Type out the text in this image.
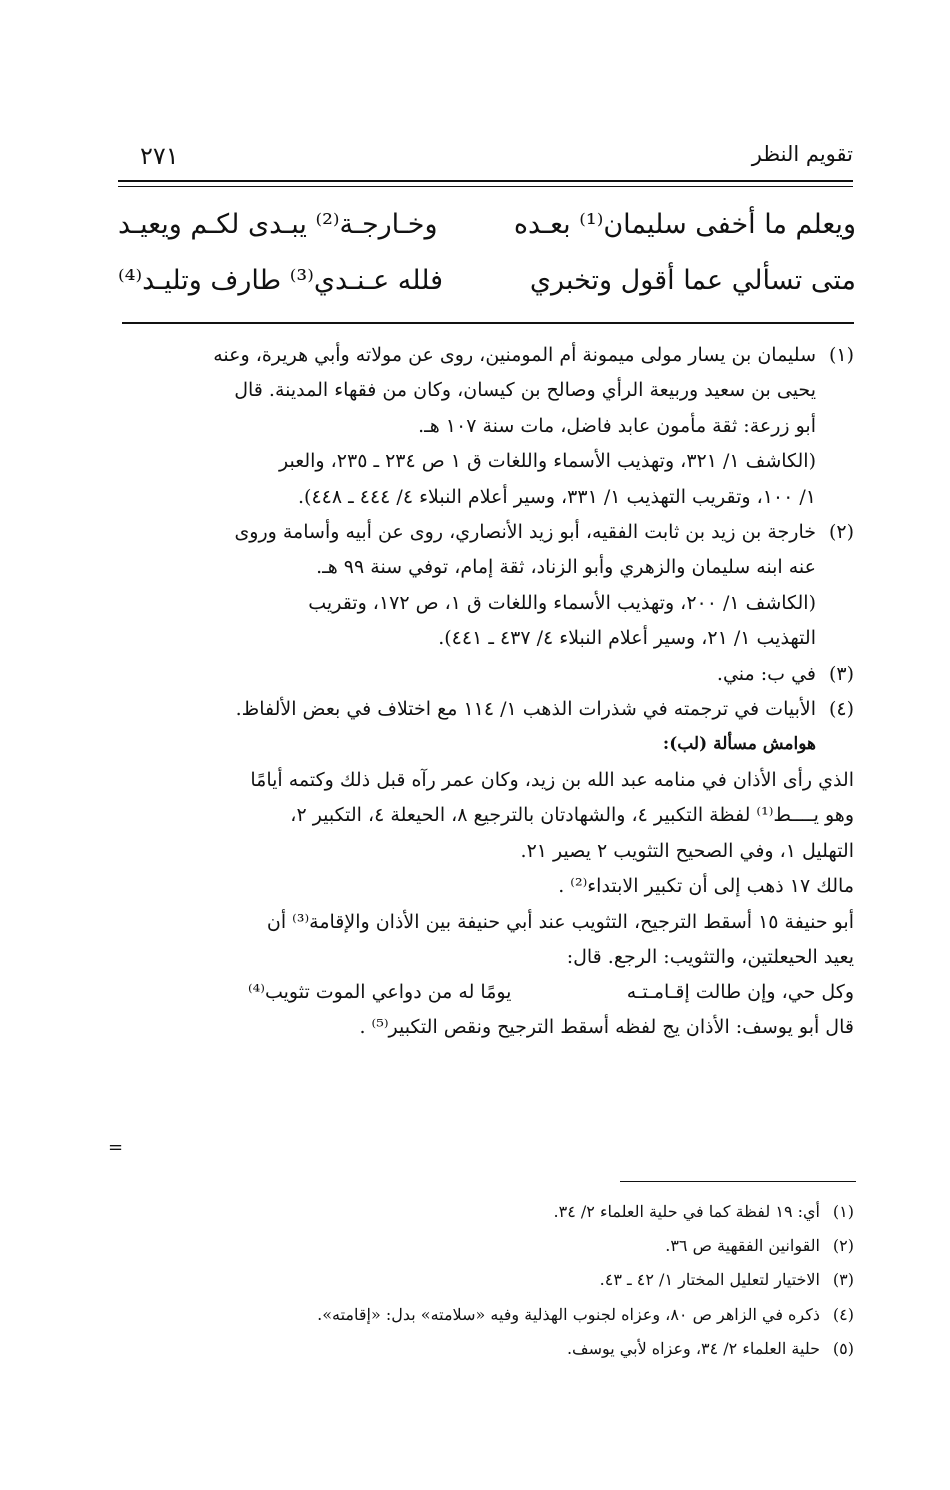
تقويم النظر
٢٧١
ويعلم ما أخفى سليمان⁽¹⁾ بعـده
وخـارجـة⁽²⁾ يبـدى لكـم ويعيـد
متى تسألي عما أقول وتخبري
فلله عـنـدي⁽³⁾ طارف وتليـد⁽⁴⁾
(١)

سليمان بن يسار مولى ميمونة أم المومنين، روى عن مولاته وأبي هريرة، وعنه

يحيى بن سعيد وربيعة الرأي وصالح بن كيسان، وكان من فقهاء المدينة. قال

أبو زرعة: ثقة مأمون عابد فاضل، مات سنة ١٠٧ هـ.

(الكاشف ١/ ٣٢١، وتهذيب الأسماء واللغات ق ١ ص ٢٣٤ ـ ٢٣٥، والعبر

١/ ١٠٠، وتقريب التهذيب ١/ ٣٣١، وسير أعلام النبلاء ٤/ ٤٤٤ ـ ٤٤٨).

(٢)

خارجة بن زيد بن ثابت الفقيه، أبو زيد الأنصاري، روى عن أبيه وأسامة وروى

عنه ابنه سليمان والزهري وأبو الزناد، ثقة إمام، توفي سنة ٩٩ هـ.

(الكاشف ١/ ٢٠٠، وتهذيب الأسماء واللغات ق ١، ص ١٧٢، وتقريب

التهذيب ١/ ٢١، وسير أعلام النبلاء ٤/ ٤٣٧ ـ ٤٤١).

(٣)

في ب: مني.

(٤)

الأبيات في ترجمته في شذرات الذهب ١/ ١١٤ مع اختلاف في بعض الألفاظ.

هوامش مسألة (لب):

الذي رأى الأذان في منامه عبد الله بن زيد، وكان عمر رآه قبل ذلك وكتمه أيامًا

وهو يــــط⁽¹⁾ لفظة التكبير ٤، والشهادتان بالترجيع ٨، الحيعلة ٤، التكبير ٢،

التهليل ١، وفي الصحيح التثويب ٢ يصير ٢١.

مالك ١٧ ذهب إلى أن تكبير الابتداء⁽²⁾ .

أبو حنيفة ١٥ أسقط الترجيح، التثويب عند أبي حنيفة بين الأذان والإقامة⁽³⁾ أن

يعيد الحيعلتين، والتثويب: الرجع. قال:

وكل حي، وإن طالت إقـامـتـه
يومًا له من دواعي الموت تثويب⁽⁴⁾

قال أبو يوسف: الأذان يج لفظه أسقط الترجيح ونقص التكبير⁽⁵⁾ .

=
(١)
أي: ١٩ لفظة كما في حلية العلماء ٢/ ٣٤.
(٢)
القوانين الفقهية ص ٣٦.
(٣)
الاختيار لتعليل المختار ١/ ٤٢ ـ ٤٣.
(٤)
ذكره في الزاهر ص ٨٠، وعزاه لجنوب الهذلية وفيه «سلامته» بدل: «إقامته».
(٥)
حلية العلماء ٢/ ٣٤، وعزاه لأبي يوسف.
